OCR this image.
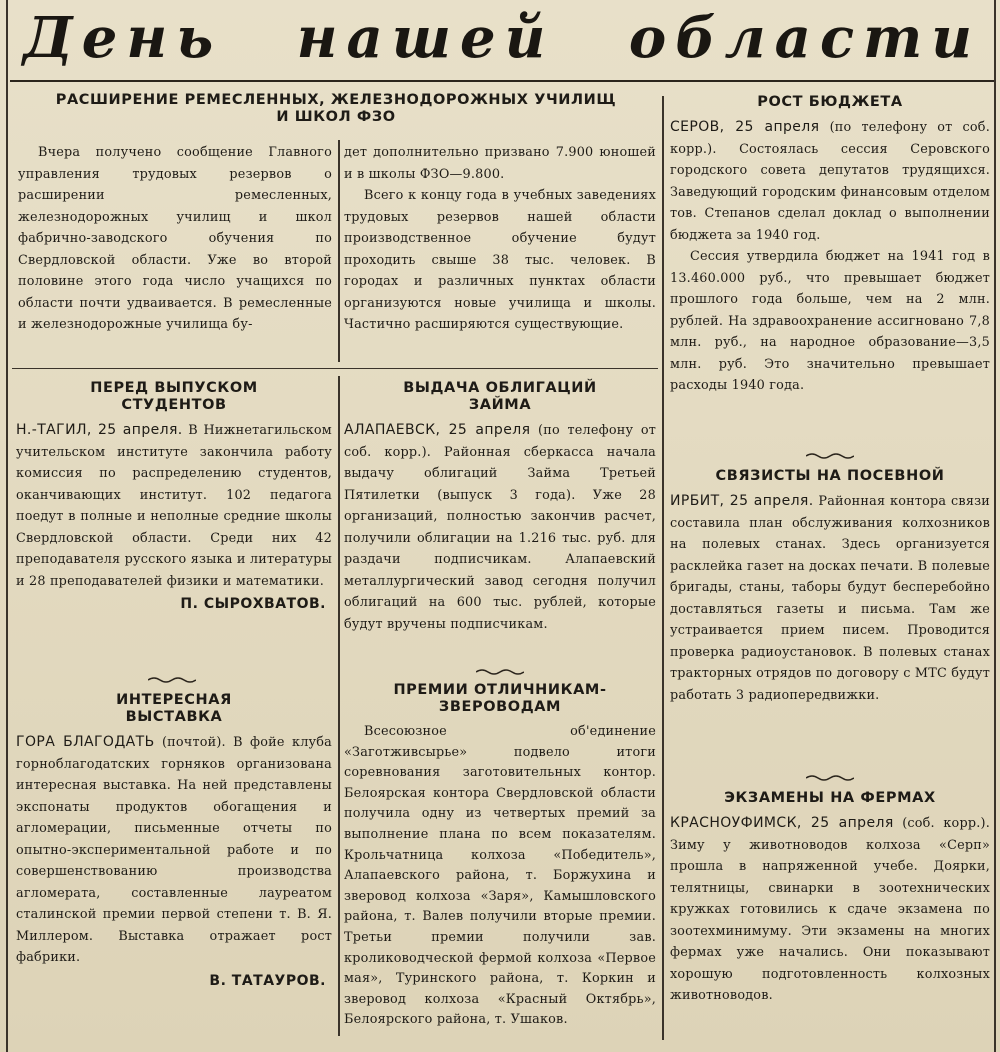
День нашей области
РАСШИРЕНИЕ РЕМЕСЛЕННЫХ, ЖЕЛЕЗНОДОРОЖНЫХ УЧИЛИЩ И ШКОЛ ФЗО

Вчера получено сообщение Главного управления трудовых резервов о расширении ремесленных, железнодорожных училищ и школ фабрично-заводского обучения по Свердловской области. Уже во второй половине этого года число учащихся по области почти удваивается. В ремесленные и железнодорожные училища бу-

дет дополнительно призвано 7.900 юношей и в школы ФЗО—9.800.

Всего к концу года в учебных заведениях трудовых резервов нашей области производственное обучение будут проходить свыше 38 тыс. человек. В городах и различных пунктах области организуются новые училища и школы. Частично расширяются существующие.

ПЕРЕД ВЫПУСКОМ СТУДЕНТОВ

Н.-ТАГИЛ, 25 апреля. В Нижнетагильском учительском институте закончила работу комиссия по распределению студентов, оканчивающих институт. 102 педагога поедут в полные и неполные средние школы Свердловской области. Среди них 42 преподавателя русского языка и литературы и 28 преподавателей физики и математики.

П. СЫРОХВАТОВ.

ИНТЕРЕСНАЯ ВЫСТАВКА

ГОРА БЛАГОДАТЬ (почтой). В фойе клуба горноблагодатских горняков организована интересная выставка. На ней представлены экспонаты продуктов обогащения и агломерации, письменные отчеты по опытно-экспериментальной работе и по совершенствованию производства агломерата, составленные лауреатом сталинской премии первой степени т. В. Я. Миллером. Выставка отражает рост фабрики.

В. ТАТАУРОВ.

ВЫДАЧА ОБЛИГАЦИЙ ЗАЙМА

АЛАПАЕВСК, 25 апреля (по телефону от соб. корр.). Районная сберкасса начала выдачу облигаций Займа Третьей Пятилетки (выпуск 3 года). Уже 28 организаций, полностью закончив расчет, получили облигации на 1.216 тыс. руб. для раздачи подписчикам. Алапаевский металлургический завод сегодня получил облигаций на 600 тыс. рублей, которые будут вручены подписчикам.

ПРЕМИИ ОТЛИЧНИКАМ-ЗВЕРОВОДАМ

Всесоюзное об'единение «Заготживсырье» подвело итоги соревнования заготовительных контор. Белоярская контора Свердловской области получила одну из четвертых премий за выполнение плана по всем показателям. Крольчатница колхоза «Победитель», Алапаевского района, т. Боржухина и зверовод колхоза «Заря», Камышловского района, т. Валев получили вторые премии. Третьи премии получили зав. кролиководческой фермой колхоза «Первое мая», Туринского района, т. Коркин и зверовод колхоза «Красный Октябрь», Белоярского района, т. Ушаков.

РОСТ БЮДЖЕТА

СЕРОВ, 25 апреля (по телефону от соб. корр.). Состоялась сессия Серовского городского совета депутатов трудящихся. Заведующий городским финансовым отделом тов. Степанов сделал доклад о выполнении бюджета за 1940 год.

Сессия утвердила бюджет на 1941 год в 13.460.000 руб., что превышает бюджет прошлого года больше, чем на 2 млн. рублей. На здравоохранение ассигновано 7,8 млн. руб., на народное образование—3,5 млн. руб. Это значительно превышает расходы 1940 года.

СВЯЗИСТЫ НА ПОСЕВНОЙ

ИРБИТ, 25 апреля. Районная контора связи составила план обслуживания колхозников на полевых станах. Здесь организуется расклейка газет на досках печати. В полевые бригады, станы, таборы будут бесперебойно доставляться газеты и письма. Там же устраивается прием писем. Проводится проверка радиоустановок. В полевых станах тракторных отрядов по договору с МТС будут работать 3 радиопередвижки.

ЭКЗАМЕНЫ НА ФЕРМАХ

КРАСНОУФИМСК, 25 апреля (соб. корр.). Зиму у животноводов колхоза «Серп» прошла в напряженной учебе. Доярки, телятницы, свинарки в зоотехнических кружках готовились к сдаче экзамена по зоотехминимуму. Эти экзамены на многих фермах уже начались. Они показывают хорошую подготовленность колхозных животноводов.
